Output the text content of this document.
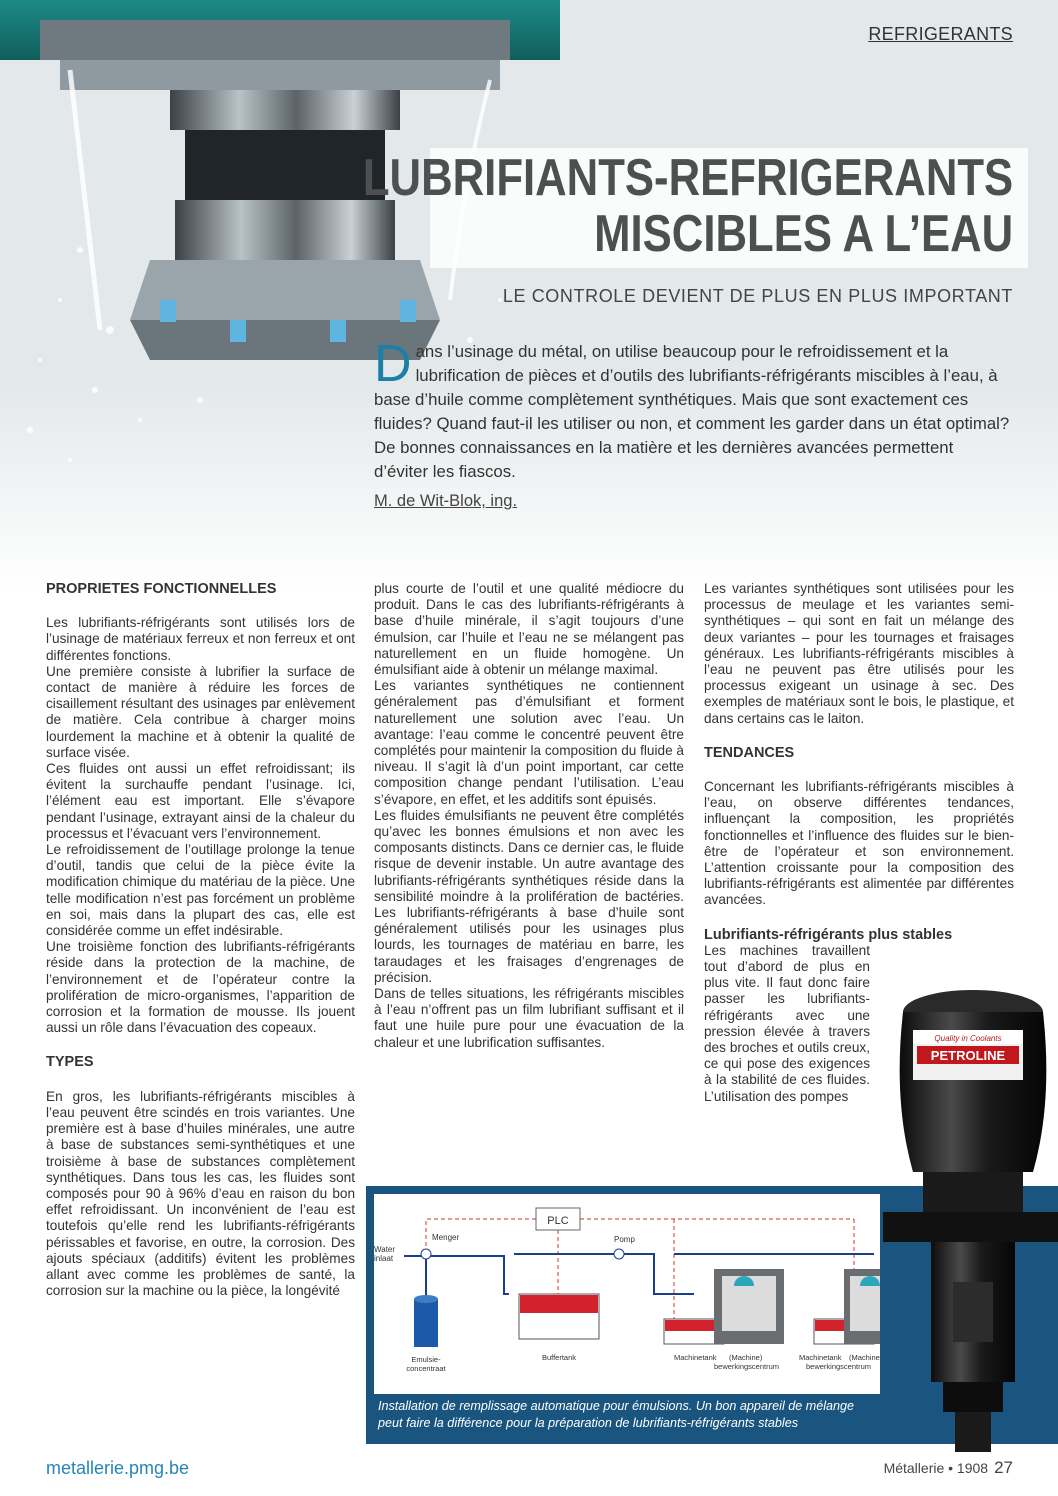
REFRIGERANTS
LUBRIFIANTS-REFRIGERANTS
MISCIBLES A L’EAU
LE CONTROLE DEVIENT DE PLUS EN PLUS IMPORTANT
D ans l’usinage du métal, on utilise beaucoup pour le refroidissement et la lubrification de pièces et d’outils des lubrifiants-réfrigérants miscibles à l’eau, à base d’huile comme complètement synthétiques. Mais que sont exactement ces fluides? Quand faut-il les utiliser ou non, et comment les garder dans un état optimal? De bonnes connaissances en la matière et les dernières avancées permettent d’éviter les fiascos.
M. de Wit-Blok, ing.
PROPRIETES FONCTIONNELLES

Les lubrifiants-réfrigérants sont utilisés lors de l’usinage de matériaux ferreux et non ferreux et ont différentes fonctions.

Une première consiste à lubrifier la surface de contact de manière à réduire les forces de cisaillement résultant des usinages par enlèvement de matière. Cela contribue à charger moins lourdement la machine et à obtenir la qualité de surface visée.

Ces fluides ont aussi un effet refroidissant; ils évitent la surchauffe pendant l’usinage. Ici, l’élément eau est important. Elle s’évapore pendant l’usinage, extrayant ainsi de la chaleur du processus et l’évacuant vers l’environnement.

Le refroidissement de l’outillage prolonge la tenue d’outil, tandis que celui de la pièce évite la modification chimique du matériau de la pièce. Une telle modification n’est pas forcément un problème en soi, mais dans la plupart des cas, elle est considérée comme un effet indésirable.

Une troisième fonction des lubrifiants-réfrigérants réside dans la protection de la machine, de l’environnement et de l’opérateur contre la prolifération de micro-organismes, l’apparition de corrosion et la formation de mousse. Ils jouent aussi un rôle dans l’évacuation des copeaux.

TYPES

En gros, les lubrifiants-réfrigérants miscibles à l’eau peuvent être scindés en trois variantes. Une première est à base d’huiles minérales, une autre à base de substances semi-synthétiques et une troisième à base de substances complètement synthétiques. Dans tous les cas, les fluides sont composés pour 90 à 96% d’eau en raison du bon effet refroidissant. Un inconvénient de l’eau est toutefois qu’elle rend les lubrifiants-réfrigérants périssables et favorise, en outre, la corrosion. Des ajouts spéciaux (additifs) évitent les problèmes allant avec comme les problèmes de santé, la corrosion sur la machine ou la pièce, la longévité

plus courte de l’outil et une qualité médiocre du produit. Dans le cas des lubrifiants-réfrigérants à base d’huile minérale, il s’agit toujours d’une émulsion, car l’huile et l’eau ne se mélangent pas naturellement en un fluide homogène. Un émulsifiant aide à obtenir un mélange maximal.

Les variantes synthétiques ne contiennent généralement pas d’émulsifiant et forment naturellement une solution avec l’eau. Un avantage: l’eau comme le concentré peuvent être complétés pour maintenir la composition du fluide à niveau. Il s’agit là d’un point important, car cette composition change pendant l’utilisation. L’eau s’évapore, en effet, et les additifs sont épuisés.

Les fluides émulsifiants ne peuvent être complétés qu’avec les bonnes émulsions et non avec les composants distincts. Dans ce dernier cas, le fluide risque de devenir instable. Un autre avantage des lubrifiants-réfrigérants synthétiques réside dans la sensibilité moindre à la prolifération de bactéries. Les lubrifiants-réfrigérants à base d’huile sont généralement utilisés pour les usinages plus lourds, les tournages de matériau en barre, les taraudages et les fraisages d’engrenages de précision.

Dans de telles situations, les réfrigérants miscibles à l’eau n’offrent pas un film lubrifiant suffisant et il faut une huile pure pour une évacuation de la chaleur et une lubrification suffisantes.

Les variantes synthétiques sont utilisées pour les processus de meulage et les variantes semi-synthétiques – qui sont en fait un mélange des deux variantes – pour les tournages et fraisages généraux. Les lubrifiants-réfrigérants miscibles à l’eau ne peuvent pas être utilisés pour les processus exigeant un usinage à sec. Des exemples de matériaux sont le bois, le plastique, et dans certains cas le laiton.

TENDANCES

Concernant les lubrifiants-réfrigérants miscibles à l’eau, on observe différentes tendances, influençant la composition, les propriétés fonctionnelles et l’influence des fluides sur le bien-être de l’opérateur et son environnement. L’attention croissante pour la composition des lubrifiants-réfrigérants est alimentée par différentes avancées.

Lubrifiants-réfrigérants plus stables

Les machines travaillent tout d’abord de plus en plus vite. Il faut donc faire passer les lubrifiants-réfrigérants avec une pression élevée à travers des broches et outils creux, ce qui pose des exigences à la stabilité de ces fluides. L’utilisation des pompes

PLC
Water
inlaat
Menger
Emulsie-
concentraat
Buffertank
Pomp
Machinetank (Machine)
bewerkingscentrum
Machinetank (Machine)
bewerkingscentrum
Installation de remplissage automatique pour émulsions. Un bon appareil de mélange peut faire la différence pour la préparation de lubrifiants-réfrigérants stables
Quality in Coolants
PETROLINE
metallerie.pmg.be	Métallerie • 1908 27
